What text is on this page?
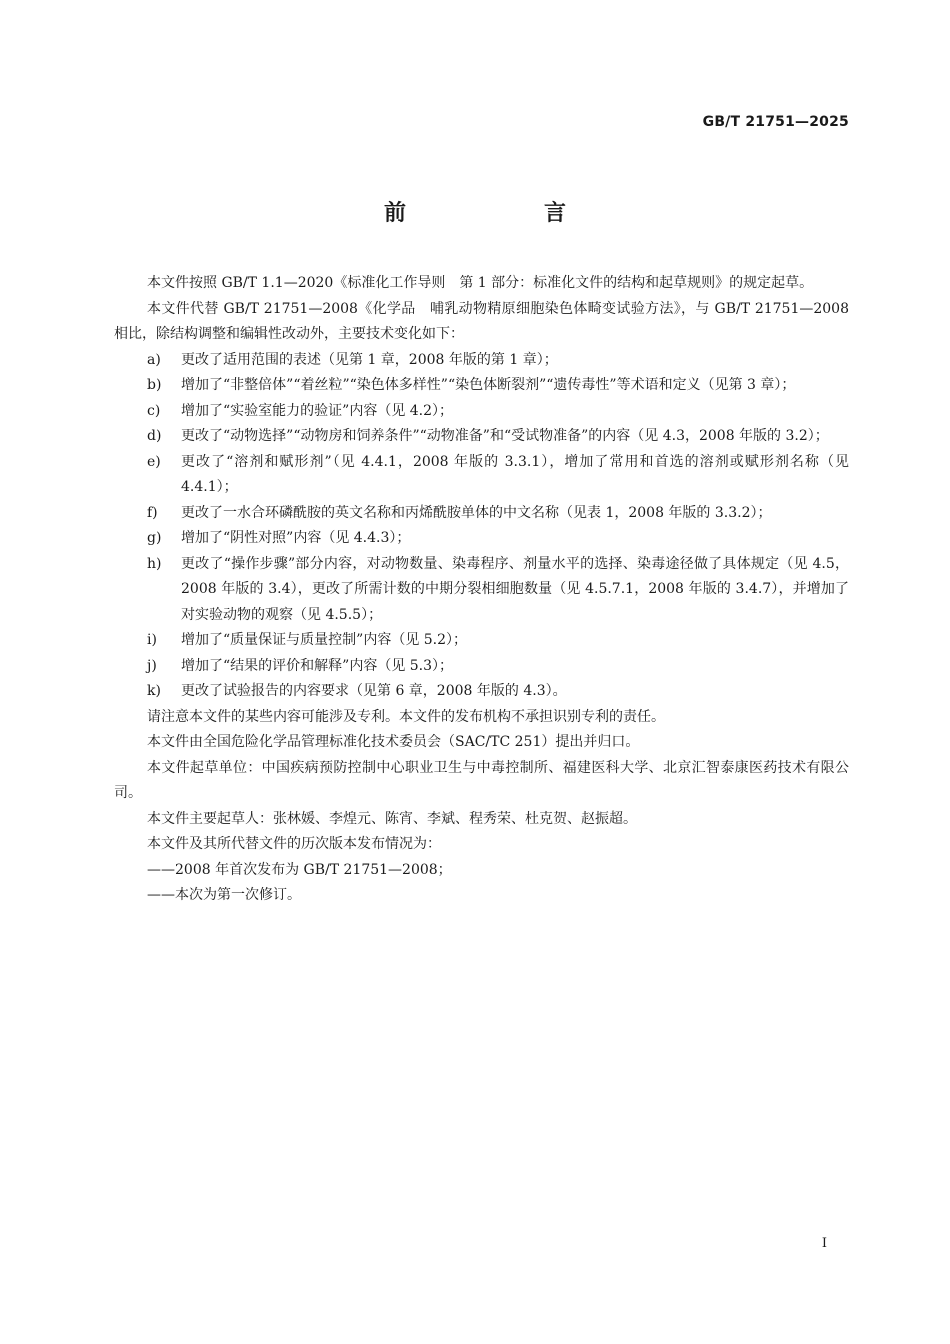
GB/T 21751—2025
前　言

本文件按照 GB/T 1.1—2020《标准化工作导则　第 1 部分：标准化文件的结构和起草规则》的规定起草。

本文件代替 GB/T 21751—2008《化学品　哺乳动物精原细胞染色体畸变试验方法》，与 GB/T 21751—2008 相比，除结构调整和编辑性改动外，主要技术变化如下：

a)	更改了适用范围的表述（见第 1 章，2008 年版的第 1 章）；
b)	增加了“非整倍体”“着丝粒”“染色体多样性”“染色体断裂剂”“遗传毒性”等术语和定义（见第 3 章）；
c)	增加了“实验室能力的验证”内容（见 4.2）；
d)	更改了“动物选择”“动物房和饲养条件”“动物准备”和“受试物准备”的内容（见 4.3，2008 年版的 3.2）；
e)	更改了“溶剂和赋形剂”（见 4.4.1，2008 年版的 3.3.1），增加了常用和首选的溶剂或赋形剂名称（见 4.4.1）；
f)	更改了一水合环磷酰胺的英文名称和丙烯酰胺单体的中文名称（见表 1，2008 年版的 3.3.2）；
g)	增加了“阴性对照”内容（见 4.4.3）；
h)	更改了“操作步骤”部分内容，对动物数量、染毒程序、剂量水平的选择、染毒途径做了具体规定（见 4.5，2008 年版的 3.4），更改了所需计数的中期分裂相细胞数量（见 4.5.7.1，2008 年版的 3.4.7），并增加了对实验动物的观察（见 4.5.5）；
i)	增加了“质量保证与质量控制”内容（见 5.2）；
j)	增加了“结果的评价和解释”内容（见 5.3）；
k)	更改了试验报告的内容要求（见第 6 章，2008 年版的 4.3）。

请注意本文件的某些内容可能涉及专利。本文件的发布机构不承担识别专利的责任。

本文件由全国危险化学品管理标准化技术委员会（SAC/TC 251）提出并归口。

本文件起草单位：中国疾病预防控制中心职业卫生与中毒控制所、福建医科大学、北京汇智泰康医药技术有限公司。

本文件主要起草人：张林媛、李煌元、陈宵、李斌、程秀荣、杜克贺、赵振超。

本文件及其所代替文件的历次版本发布情况为：

——2008 年首次发布为 GB/T 21751—2008；

——本次为第一次修订。

I
